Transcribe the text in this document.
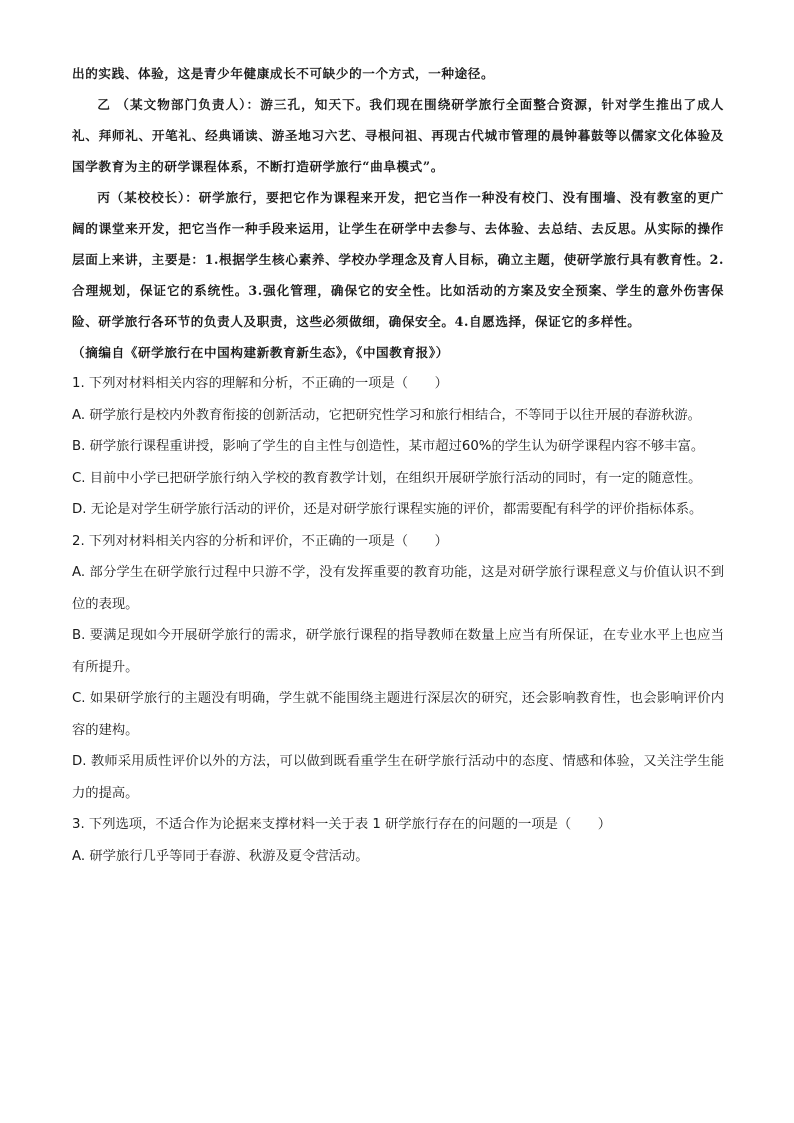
出的实践、体验，这是青少年健康成长不可缺少的一个方式，一种途径。

乙 （某文物部门负责人）：游三孔，知天下。我们现在围绕研学旅行全面整合资源，针对学生推出了成人礼、拜师礼、开笔礼、经典诵读、游圣地习六艺、寻根问祖、再现古代城市管理的晨钟暮鼓等以儒家文化体验及国学教育为主的研学课程体系，不断打造研学旅行“曲阜模式”。

丙（某校校长）：研学旅行，要把它作为课程来开发，把它当作一种没有校门、没有围墙、没有教室的更广阔的课堂来开发，把它当作一种手段来运用，让学生在研学中去参与、去体验、去总结、去反思。从实际的操作层面上来讲，主要是：1.根据学生核心素养、学校办学理念及育人目标，确立主题，使研学旅行具有教育性。2.合理规划，保证它的系统性。3.强化管理，确保它的安全性。比如活动的方案及安全预案、学生的意外伤害保险、研学旅行各环节的负责人及职责，这些必须做细，确保安全。4.自愿选择，保证它的多样性。

（摘编自《研学旅行在中国构建新教育新生态》，《中国教育报》）

1. 下列对材料相关内容的理解和分析，不正确的一项是（　　）

A. 研学旅行是校内外教育衔接的创新活动，它把研究性学习和旅行相结合，不等同于以往开展的春游秋游。

B. 研学旅行课程重讲授，影响了学生的自主性与创造性，某市超过60%的学生认为研学课程内容不够丰富。

C. 目前中小学已把研学旅行纳入学校的教育教学计划，在组织开展研学旅行活动的同时，有一定的随意性。

D. 无论是对学生研学旅行活动的评价，还是对研学旅行课程实施的评价，都需要配有科学的评价指标体系。

2. 下列对材料相关内容的分析和评价，不正确的一项是（　　）

A. 部分学生在研学旅行过程中只游不学，没有发挥重要的教育功能，这是对研学旅行课程意义与价值认识不到位的表现。

B. 要满足现如今开展研学旅行的需求，研学旅行课程的指导教师在数量上应当有所保证，在专业水平上也应当有所提升。

C. 如果研学旅行的主题没有明确，学生就不能围绕主题进行深层次的研究，还会影响教育性，也会影响评价内容的建构。

D. 教师采用质性评价以外的方法，可以做到既看重学生在研学旅行活动中的态度、情感和体验，又关注学生能力的提高。

3. 下列选项，不适合作为论据来支撑材料一关于表 1 研学旅行存在的问题的一项是（　　）

A. 研学旅行几乎等同于春游、秋游及夏令营活动。
